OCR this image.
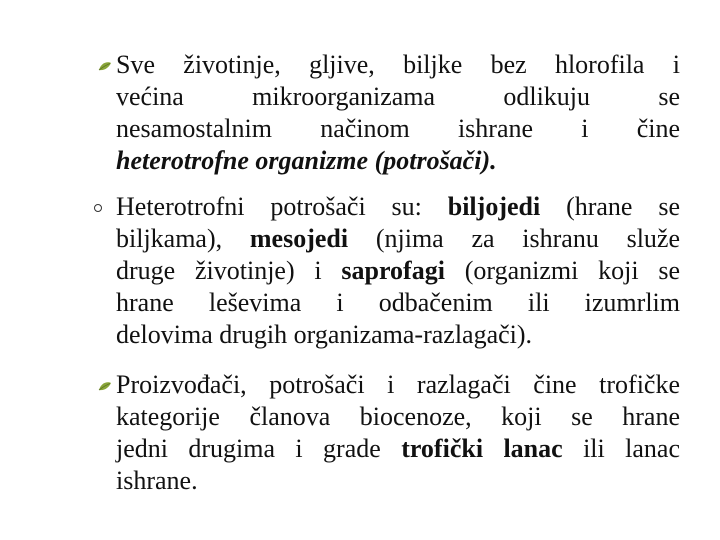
Sve životinje, gljive, biljke bez hlorofila i
većina mikroorganizama odlikuju se
nesamostalnim načinom ishrane i čine
heterotrofne organizme (potrošači).
Heterotrofni potrošači su: biljojedi (hrane se
biljkama), mesojedi (njima za ishranu služe
druge životinje) i saprofagi (organizmi koji se
hrane leševima i odbačenim ili izumrlim
delovima drugih organizama-razlagači).
Proizvođači, potrošači i razlagači čine trofičke
kategorije članova biocenoze, koji se hrane
jedni drugima i grade trofički lanac ili lanac
ishrane.
